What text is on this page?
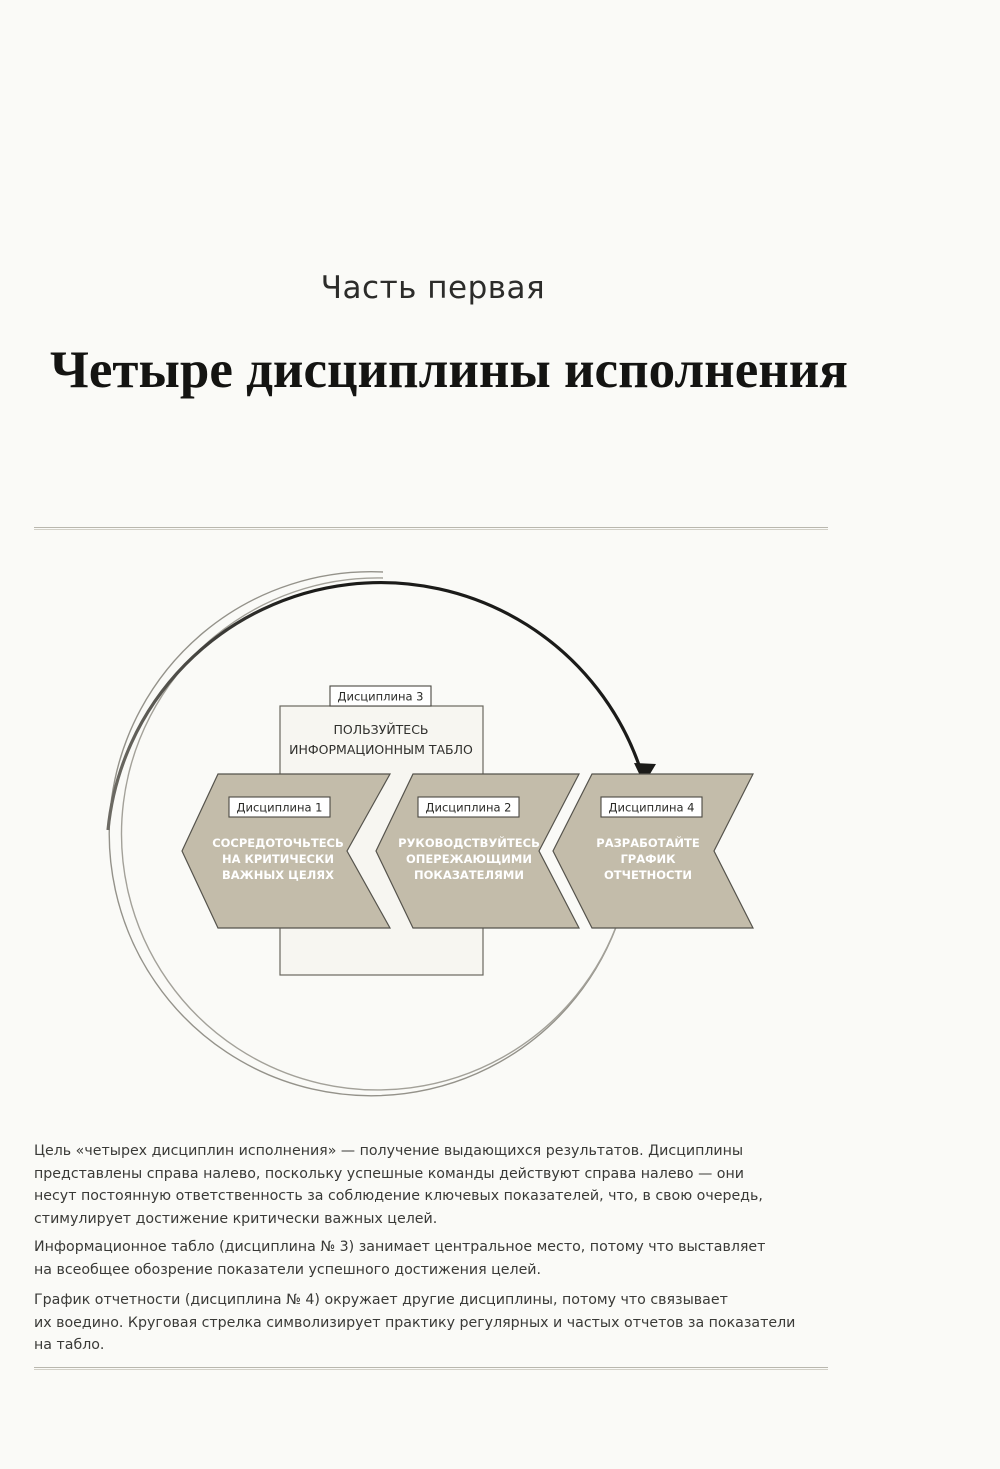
Часть первая
Четыре дисциплины исполнения
Дисциплина 3
ПОЛЬЗУЙТЕСЬ
ИНФОРМАЦИОННЫМ ТАБЛО
Дисциплина 1
СОСРЕДОТОЧЬТЕСЬ
НА КРИТИЧЕСКИ
ВАЖНЫХ ЦЕЛЯХ
Дисциплина 2
РУКОВОДСТВУЙТЕСЬ
ОПЕРЕЖАЮЩИМИ
ПОКАЗАТЕЛЯМИ
Дисциплина 4
РАЗРАБОТАЙТЕ
ГРАФИК
ОТЧЕТНОСТИ
Цель «четырех дисциплин исполнения» — получение выдающихся результатов. Дисциплины
представлены справа налево, поскольку успешные команды действуют справа налево — они
несут постоянную ответственность за соблюдение ключевых показателей, что, в свою очередь,
стимулирует достижение критически важных целей.
Информационное табло (дисциплина № 3) занимает центральное место, потому что выставляет
на всеобщее обозрение показатели успешного достижения целей.
График отчетности (дисциплина № 4) окружает другие дисциплины, потому что связывает
их воедино. Круговая стрелка символизирует практику регулярных и частых отчетов за показатели
на табло.
